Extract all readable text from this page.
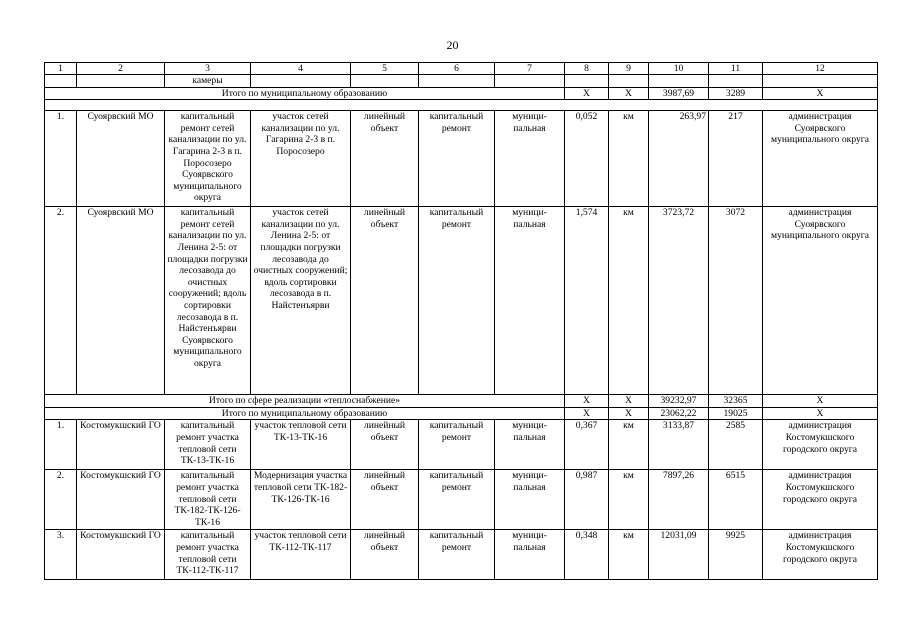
20
1	2	3	4	5	6	7	8	9	10	11	12
		камеры									
Итого по муниципальному образованию							X	X	3987,69	3289	X

1.	Суоярвский МО	капитальный ремонт сетей канализации по ул. Гагарина 2-3 в п. Поросозеро Суоярвского муниципального округа	участок сетей канализации по ул. Гагарина 2-3 в п. Поросозеро	линейный объект	капитальный ремонт	муници-пальная	0,052	км	263,97	217	администрация Суоярвского муниципального округа
2.	Суоярвский МО	капитальный ремонт сетей канализации по ул. Ленина 2-5: от площадки погрузки лесозавода до очистных сооружений; вдоль сортировки лесозавода в п. Найстенъярви Суоярвского муниципального округа	участок сетей канализации по ул. Ленина 2-5: от площадки погрузки лесозавода до очистных сооружений; вдоль сортировки лесозавода в п. Найстенъярви	линейный объект	капитальный ремонт	муници-пальная	1,574	км	3723,72	3072	администрация Суоярвского муниципального округа
Итого по сфере реализации «теплоснабжение»							X	X	39232,97	32365	X
Итого по муниципальному образованию							X	X	23062,22	19025	X
1.	Костомукшский ГО	капитальный ремонт участка тепловой сети ТК-13-ТК-16	участок тепловой сети ТК-13-ТК-16	линейный объект	капитальный ремонт	муници-пальная	0,367	км	3133,87	2585	администрация Костомукшского городского округа
2.	Костомукшский ГО	капитальный ремонт участка тепловой сети ТК-182-ТК-126-ТК-16	Модернизация участка тепловой сети ТК-182-ТК-126-ТК-16	линейный объект	капитальный ремонт	муници-пальная	0,987	км	7897,26	6515	администрация Костомукшского городского округа
3.	Костомукшский ГО	капитальный ремонт участка тепловой сети ТК-112-ТК-117	участок тепловой сети ТК-112-ТК-117	линейный объект	капитальный ремонт	муници-пальная	0,348	км	12031,09	9925	администрация Костомукшского городского округа
